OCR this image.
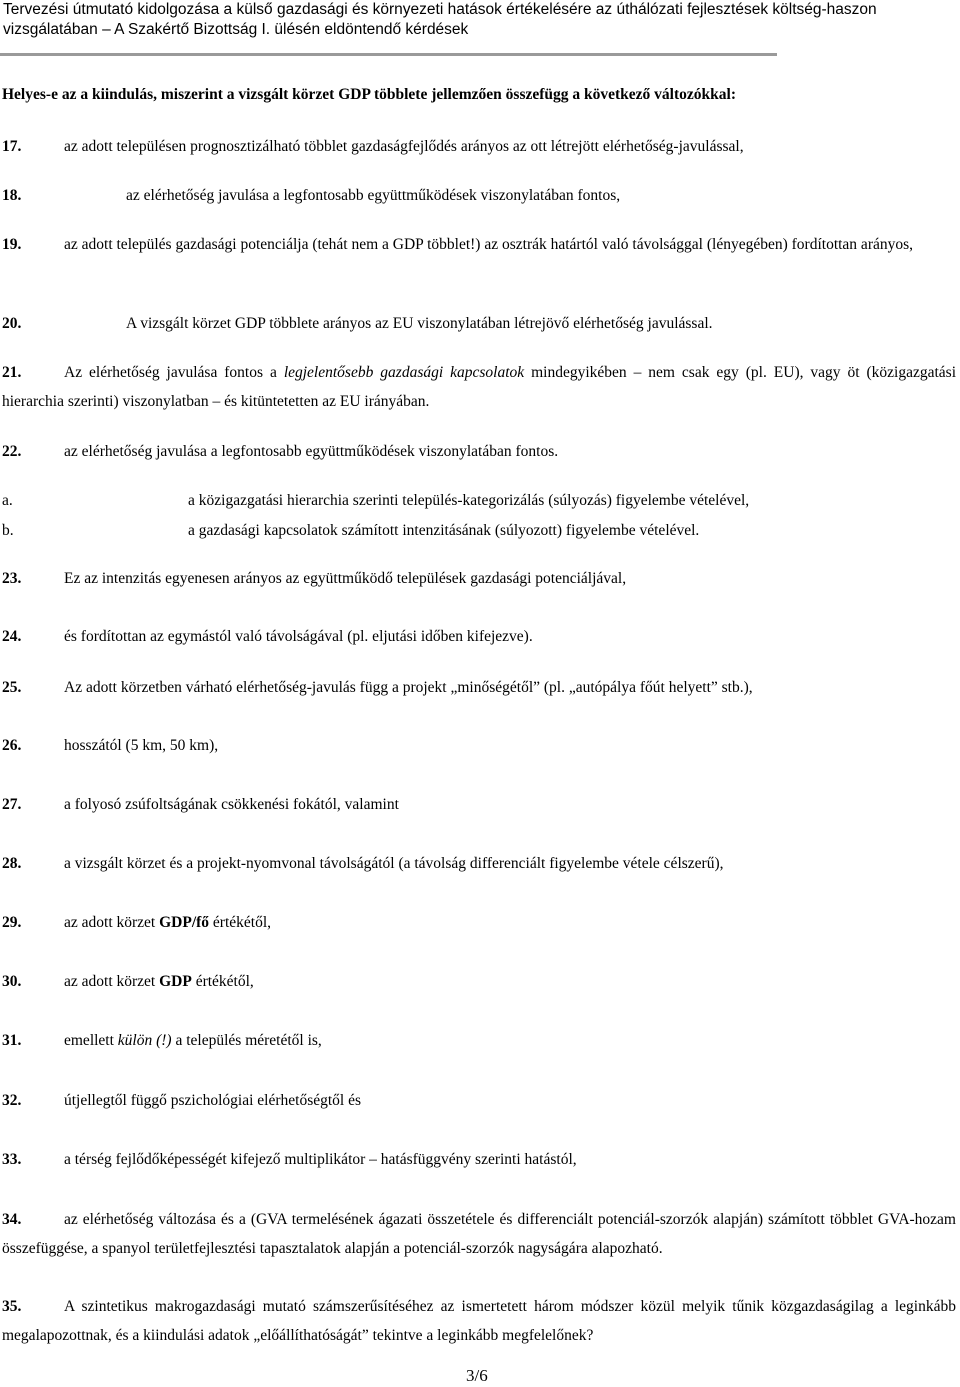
Tervezési útmutató kidolgozása a külső gazdasági és környezeti hatások értékelésére az úthálózati fejlesztések költség-haszon
vizsgálatában – A Szakértő Bizottság I. ülésén eldöntendő kérdések
Helyes-e az a kiindulás, miszerint a vizsgált körzet GDP többlete jellemzően összefügg a következő változókkal:
17.	az adott településen prognosztizálható többlet gazdaságfejlődés arányos az ott létrejött elérhetőség-javulással,
18.	az elérhetőség javulása a legfontosabb együttműködések viszonylatában fontos,
19.	az adott település gazdasági potenciálja (tehát nem a GDP többlet!) az osztrák határtól való távolsággal (lényegében) fordítottan arányos,
20.	A vizsgált körzet GDP többlete arányos az EU viszonylatában létrejövő elérhetőség javulással.
21.	Az elérhetőség javulása fontos a legjelentősebb gazdasági kapcsolatok mindegyikében – nem csak egy (pl. EU), vagy öt (közigazgatási hierarchia szerinti) viszonylatban – és kitüntetetten az EU irányában.
22.	az elérhetőség javulása a legfontosabb együttműködések viszonylatában fontos.
a.	a közigazgatási hierarchia szerinti település-kategorizálás (súlyozás) figyelembe vételével,
b.	a gazdasági kapcsolatok számított intenzitásának (súlyozott) figyelembe vételével.
23.	Ez az intenzitás egyenesen arányos az együttműködő települések gazdasági potenciáljával,
24.	és fordítottan az egymástól való távolságával (pl. eljutási időben kifejezve).
25.	Az adott körzetben várható elérhetőség-javulás függ a projekt „minőségétől” (pl. „autópálya főút helyett” stb.),
26.	hosszától (5 km, 50 km),
27.	a folyosó zsúfoltságának csökkenési fokától, valamint
28.	a vizsgált körzet és a projekt-nyomvonal távolságától (a távolság differenciált figyelembe vétele célszerű),
29.	az adott körzet GDP/fő értékétől,
30.	az adott körzet GDP értékétől,
31.	emellett külön (!) a település méretétől is,
32.	útjellegtől függő pszichológiai elérhetőségtől és
33.	a térség fejlődőképességét kifejező multiplikátor – hatásfüggvény szerinti hatástól,
34.	az elérhetőség változása és a (GVA termelésének ágazati összetétele és differenciált potenciál-szorzók alapján) számított többlet GVA-hozam összefüggése, a spanyol területfejlesztési tapasztalatok alapján a potenciál-szorzók nagyságára alapozható.
35.	A szintetikus makrogazdasági mutató számszerűsítéséhez az ismertetett három módszer közül melyik tűnik közgazdaságilag a leginkább megalapozottnak, és a kiindulási adatok „előállíthatóságát” tekintve a leginkább megfelelőnek?
3/6
